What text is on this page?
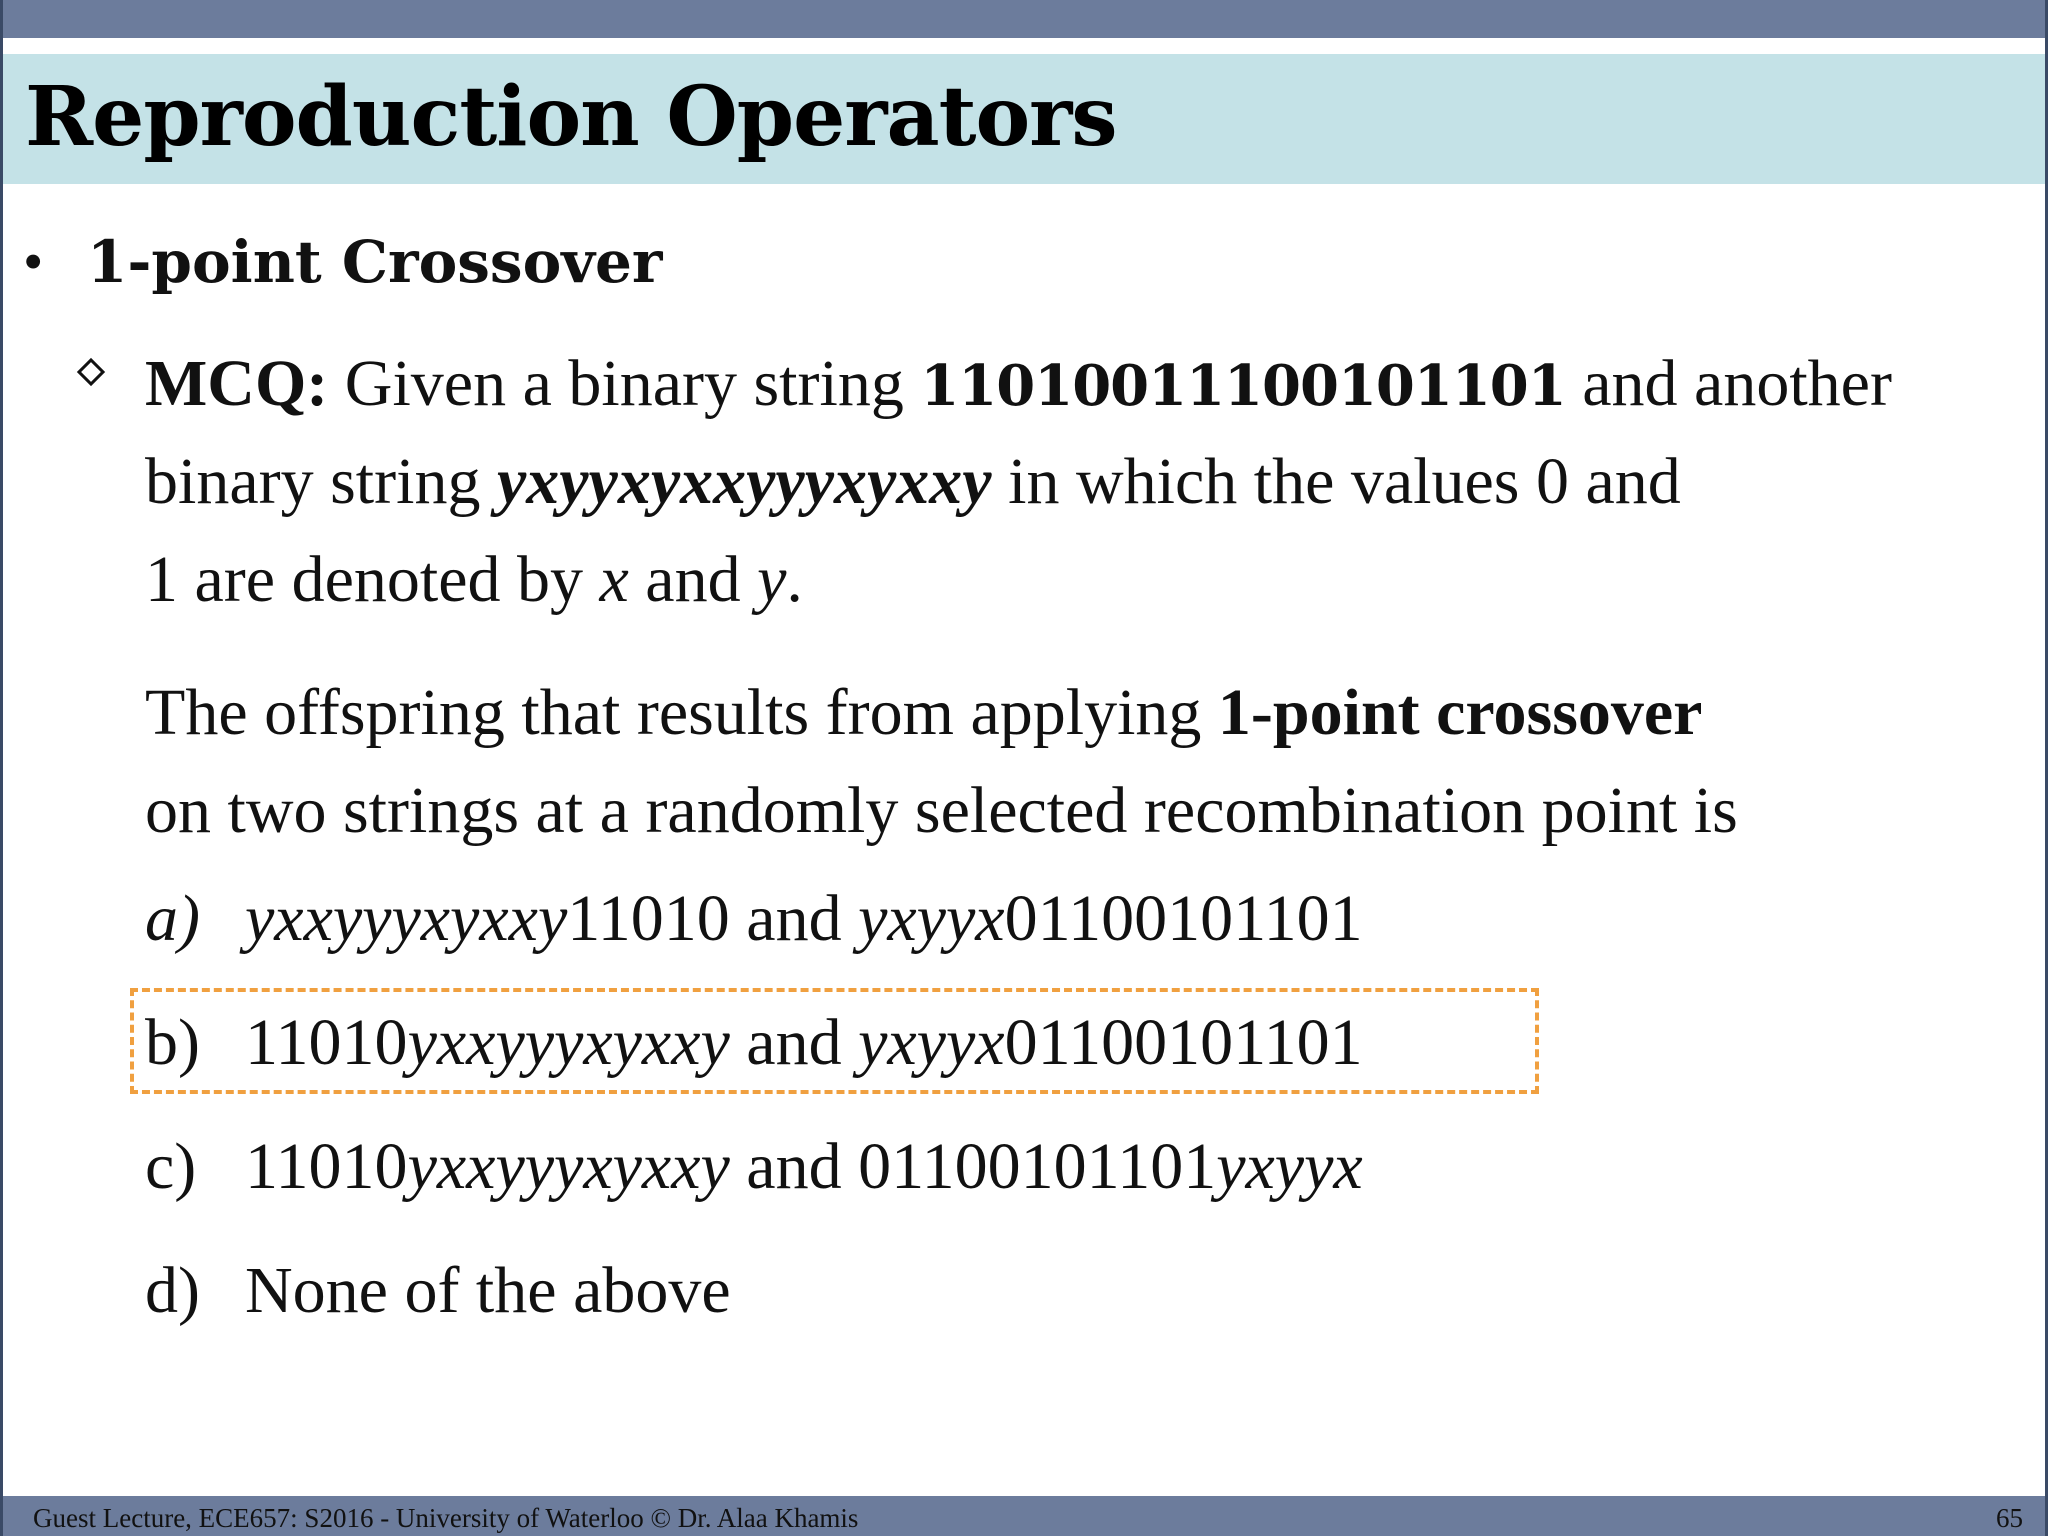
Reproduction Operators
• 1-point Crossover
MCQ: Given a binary string 11010011100101101 and another
binary string yxyyxyxxyyyxyxxy in which the values 0 and
1 are denoted by x and y.
The offspring that results from applying 1-point crossover
on two strings at a randomly selected recombination point is
a) yxxyyyxyxxy11010 and yxyyx01100101101
b) 11010yxxyyyxyxxy and yxyyx01100101101
c) 11010yxxyyyxyxxy and 01100101101yxyyx
d) None of the above
Guest Lecture, ECE657: S2016 - University of Waterloo © Dr. Alaa Khamis	65
